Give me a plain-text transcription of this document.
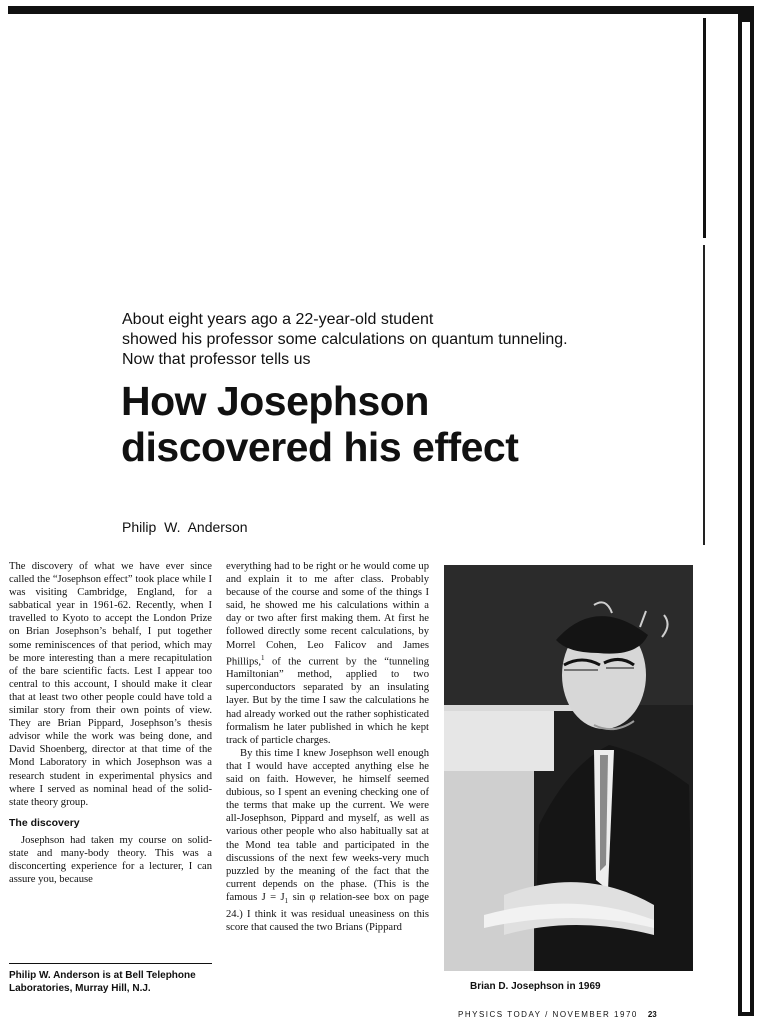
About eight years ago a 22-year-old student
showed his professor some calculations on quantum tunneling.
Now that professor tells us
How Josephson
discovered his effect
Philip W. Anderson

The discovery of what we have ever since called the “Josephson effect” took place while I was visiting Cambridge, England, for a sabbatical year in 1961-62. Recently, when I travelled to Kyoto to accept the London Prize on Brian Josephson’s behalf, I put together some reminiscences of that period, which may be more interesting than a mere recapitulation of the bare scientific facts. Lest I appear too central to this account, I should make it clear that at least two other people could have told a similar story from their own points of view. They are Brian Pippard, Josephson’s thesis advisor while the work was being done, and David Shoenberg, director at that time of the Mond Laboratory in which Josephson was a research student in experimental physics and where I served as nominal head of the solid-state theory group.

The discovery

Josephson had taken my course on solid-state and many-body theory. This was a disconcerting experience for a lecturer, I can assure you, because

everything had to be right or he would come up and explain it to me after class. Probably because of the course and some of the things I said, he showed me his calculations within a day or two after first making them. At first he followed directly some recent calculations, by Morrel Cohen, Leo Falicov and James Phillips,$^1$ of the current by the “tunneling Hamiltonian” method, applied to two superconductors separated by an insulating layer. But by the time I saw the calculations he had already worked out the rather sophisticated formalism he later published in which he kept track of particle charges.

By this time I knew Josephson well enough that I would have accepted anything else he said on faith. However, he himself seemed dubious, so I spent an evening checking one of the terms that make up the current. We were all-Josephson, Pippard and myself, as well as various other people who also habitually sat at the Mond tea table and participated in the discussions of the next few weeks-very much puzzled by the meaning of the fact that the current depends on the phase. (This is the famous $J = J_1$ sin φ relation-see box on page 24.) I think it was residual uneasiness on this score that caused the two Brians (Pippard

Philip W. Anderson is at Bell Telephone Laboratories, Murray Hill, N.J.	Brian D. Josephson in 1969
PHYSICS TODAY / NOVEMBER 1970 23
